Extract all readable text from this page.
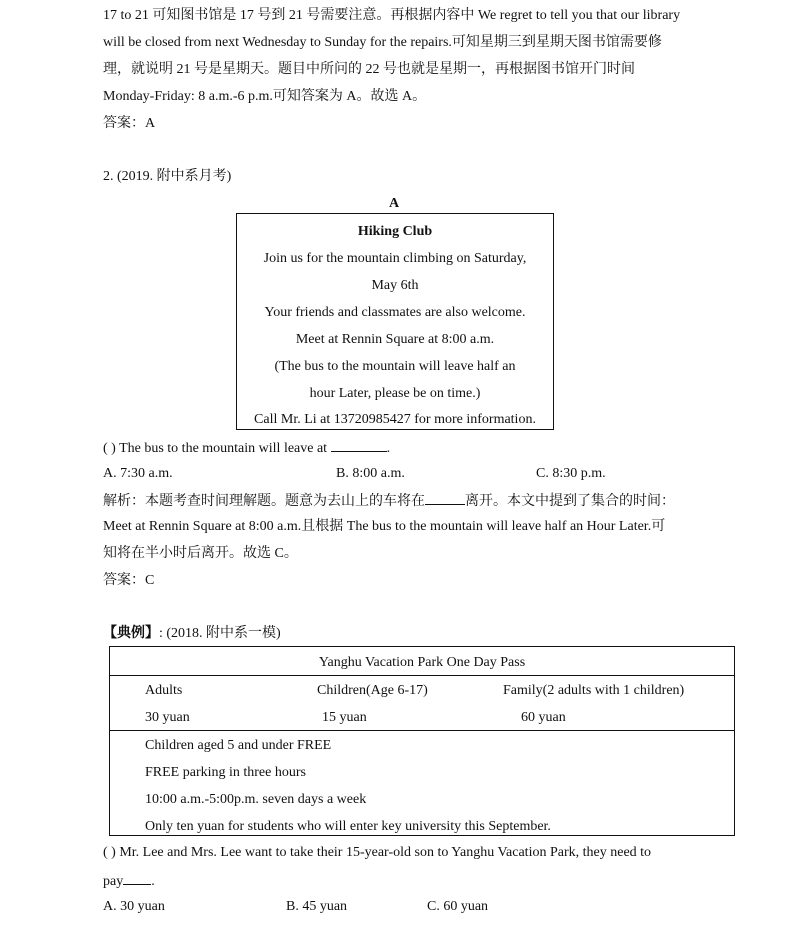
17 to 21 可知图书馆是 17 号到 21 号需要注意。再根据内容中 We regret to tell you that our library
will be closed from next Wednesday to Sunday for the repairs.可知星期三到星期天图书馆需要修
理，就说明 21 号是星期天。题目中所问的 22 号也就是星期一，再根据图书馆开门时间
Monday-Friday: 8 a.m.-6 p.m.可知答案为 A。故选 A。
答案：A
2. (2019. 附中系月考)
A
Hiking Club
Join us for the mountain climbing on Saturday,
May 6th
Your friends and classmates are also welcome.
Meet at Rennin Square at 8:00 a.m.
(The bus to the mountain will leave half an
hour Later, please be on time.)
Call Mr. Li at 13720985427 for more information.
( ) The bus to the mountain will leave at	.
A. 7:30 a.m.	B. 8:00 a.m.	C. 8:30 p.m.
解析：本题考查时间理解题。题意为去山上的车将在	离开。本文中提到了集合的时间：
Meet at Rennin Square at 8:00 a.m.且根据 The bus to the mountain will leave half an Hour Later.可
知将在半小时后离开。故选 C。
答案：C
【典例】: (2018. 附中系一模)
Yanghu Vacation Park One Day Pass
Adults	Children(Age 6-17)	Family(2 adults with 1 children)
30 yuan	15 yuan	60 yuan
Children aged 5 and under FREE
FREE parking in three hours
10:00 a.m.-5:00p.m. seven days a week
Only ten yuan for students who will enter key university this September.
( ) Mr. Lee and Mrs. Lee want to take their 15-year-old son to Yanghu Vacation Park, they need to
pay .
A. 30 yuan	B. 45 yuan	C. 60 yuan
